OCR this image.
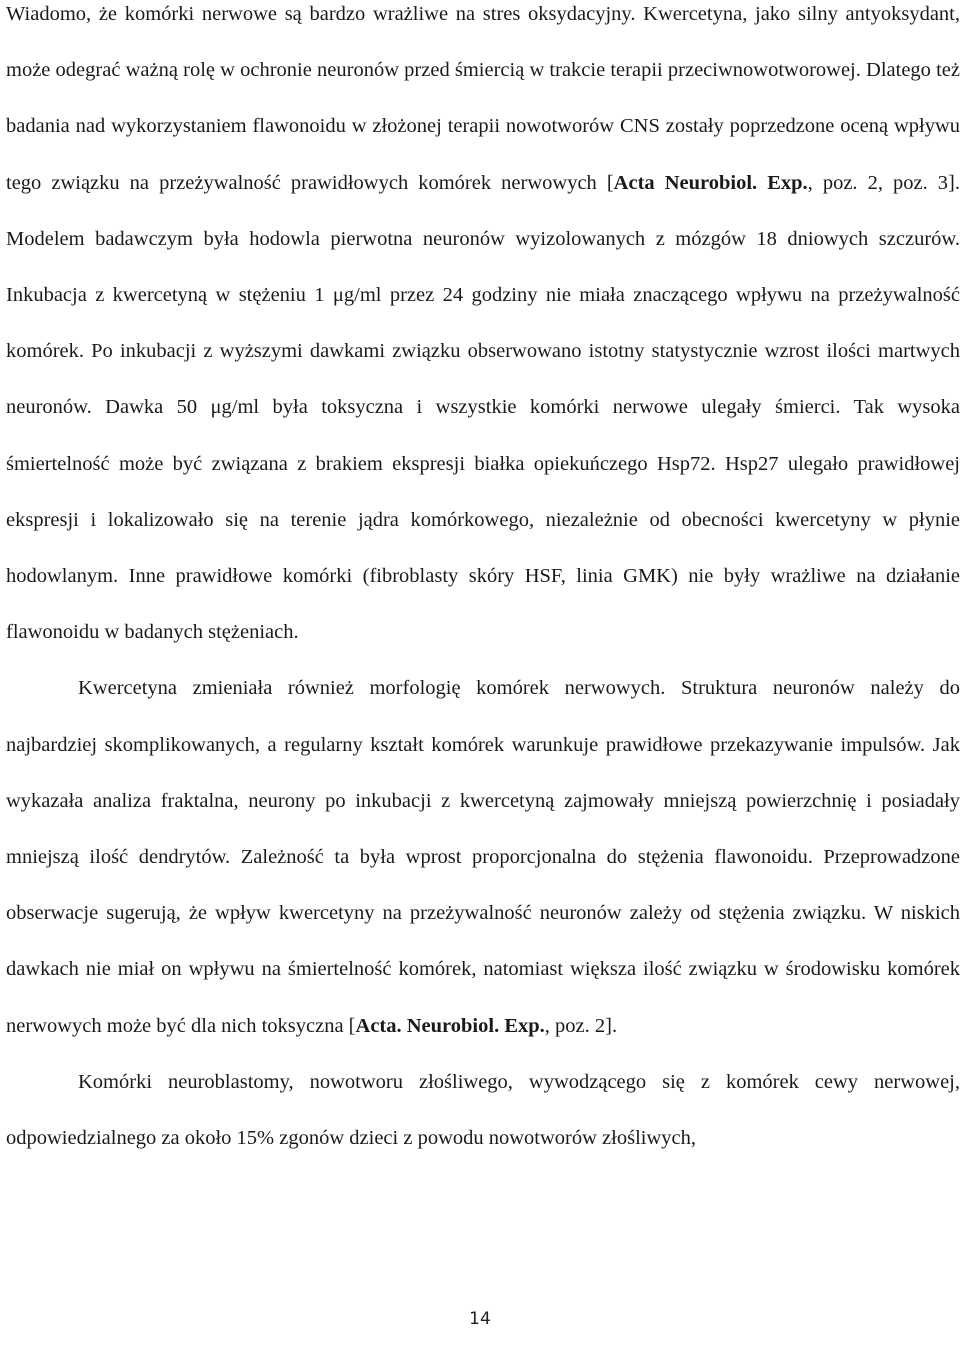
Wiadomo, że komórki nerwowe są bardzo wrażliwe na stres oksydacyjny. Kwercetyna, jako silny antyoksydant, może odegrać ważną rolę w ochronie neuronów przed śmiercią w trakcie terapii przeciwnowotworowej. Dlatego też badania nad wykorzystaniem flawonoidu w złożonej terapii nowotworów CNS zostały poprzedzone oceną wpływu tego związku na przeżywalność prawidłowych komórek nerwowych [Acta Neurobiol. Exp., poz. 2, poz. 3]. Modelem badawczym była hodowla pierwotna neuronów wyizolowanych z mózgów 18 dniowych szczurów. Inkubacja z kwercetyną w stężeniu 1 μg/ml przez 24 godziny nie miała znaczącego wpływu na przeżywalność komórek. Po inkubacji z wyższymi dawkami związku obserwowano istotny statystycznie wzrost ilości martwych neuronów. Dawka 50 μg/ml była toksyczna i wszystkie komórki nerwowe ulegały śmierci. Tak wysoka śmiertelność może być związana z brakiem ekspresji białka opiekuńczego Hsp72. Hsp27 ulegało prawidłowej ekspresji i lokalizowało się na terenie jądra komórkowego, niezależnie od obecności kwercetyny w płynie hodowlanym. Inne prawidłowe komórki (fibroblasty skóry HSF, linia GMK) nie były wrażliwe na działanie flawonoidu w badanych stężeniach.

Kwercetyna zmieniała również morfologię komórek nerwowych. Struktura neuronów należy do najbardziej skomplikowanych, a regularny kształt komórek warunkuje prawidłowe przekazywanie impulsów. Jak wykazała analiza fraktalna, neurony po inkubacji z kwercetyną zajmowały mniejszą powierzchnię i posiadały mniejszą ilość dendrytów. Zależność ta była wprost proporcjonalna do stężenia flawonoidu. Przeprowadzone obserwacje sugerują, że wpływ kwercetyny na przeżywalność neuronów zależy od stężenia związku. W niskich dawkach nie miał on wpływu na śmiertelność komórek, natomiast większa ilość związku w środowisku komórek nerwowych może być dla nich toksyczna [Acta. Neurobiol. Exp., poz. 2].

Komórki neuroblastomy, nowotworu złośliwego, wywodzącego się z komórek cewy nerwowej, odpowiedzialnego za około 15% zgonów dzieci z powodu nowotworów złośliwych,

14
